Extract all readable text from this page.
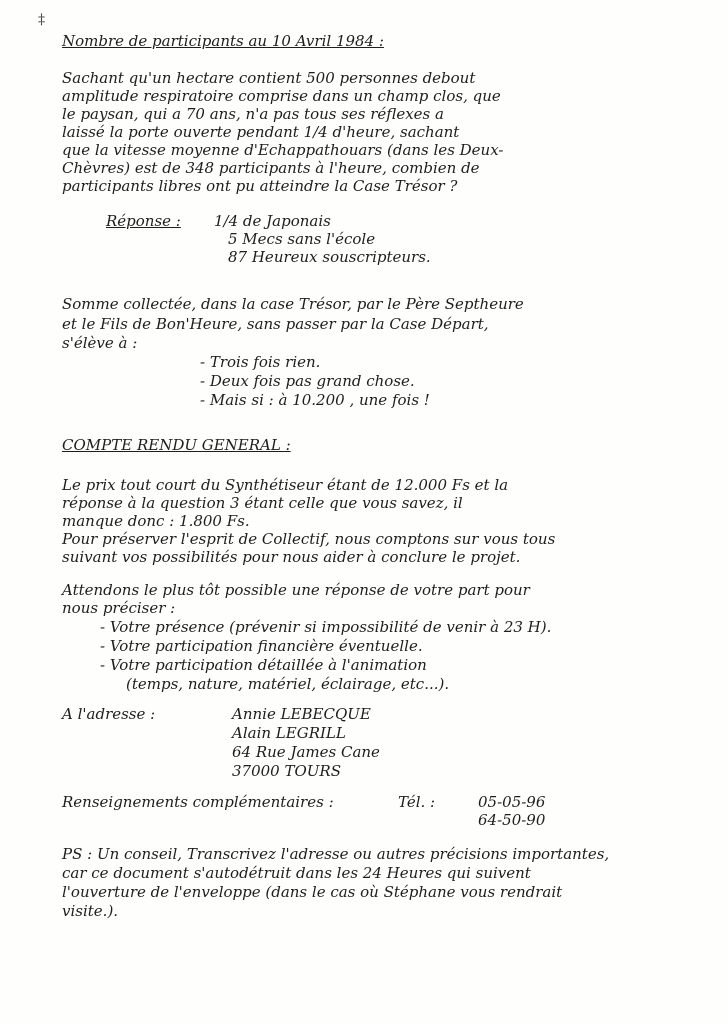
‡
Nombre de participants au 10 Avril 1984 :
Sachant qu'un hectare contient 500 personnes debout
amplitude respiratoire comprise dans un champ clos, que
le paysan, qui a 70 ans, n'a pas tous ses réflexes a
laissé la porte ouverte pendant 1/4 d'heure, sachant
que la vitesse moyenne d'Echappathouars (dans les Deux-
Chèvres) est de 348 participants à l'heure, combien de
participants libres ont pu atteindre la Case Trésor ?
Réponse : 1/4 de Japonais
5 Mecs sans l'école
87 Heureux souscripteurs.
Somme collectée, dans la case Trésor, par le Père Septheure
et le Fils de Bon'Heure, sans passer par la Case Départ,
s'élève à :
- Trois fois rien.
- Deux fois pas grand chose.
- Mais si : à 10.200 , une fois !
COMPTE RENDU GENERAL :
Le prix tout court du Synthétiseur étant de 12.000 Fs et la
réponse à la question 3 étant celle que vous savez, il
manque donc : 1.800 Fs.
Pour préserver l'esprit de Collectif, nous comptons sur vous tous
suivant vos possibilités pour nous aider à conclure le projet.
Attendons le plus tôt possible une réponse de votre part pour
nous préciser :
- Votre présence (prévenir si impossibilité de venir à 23 H).
- Votre participation financière éventuelle.
- Votre participation détaillée à l'animation
(temps, nature, matériel, éclairage, etc...).
A l'adresse :	Annie LEBECQUE
Alain LEGRILL
64 Rue James Cane
37000 TOURS
Renseignements complémentaires :	Tél. :	05-05-96
64-50-90
PS : Un conseil, Transcrivez l'adresse ou autres précisions importantes,
car ce document s'autodétruit dans les 24 Heures qui suivent
l'ouverture de l'enveloppe (dans le cas où Stéphane vous rendrait
visite.).
